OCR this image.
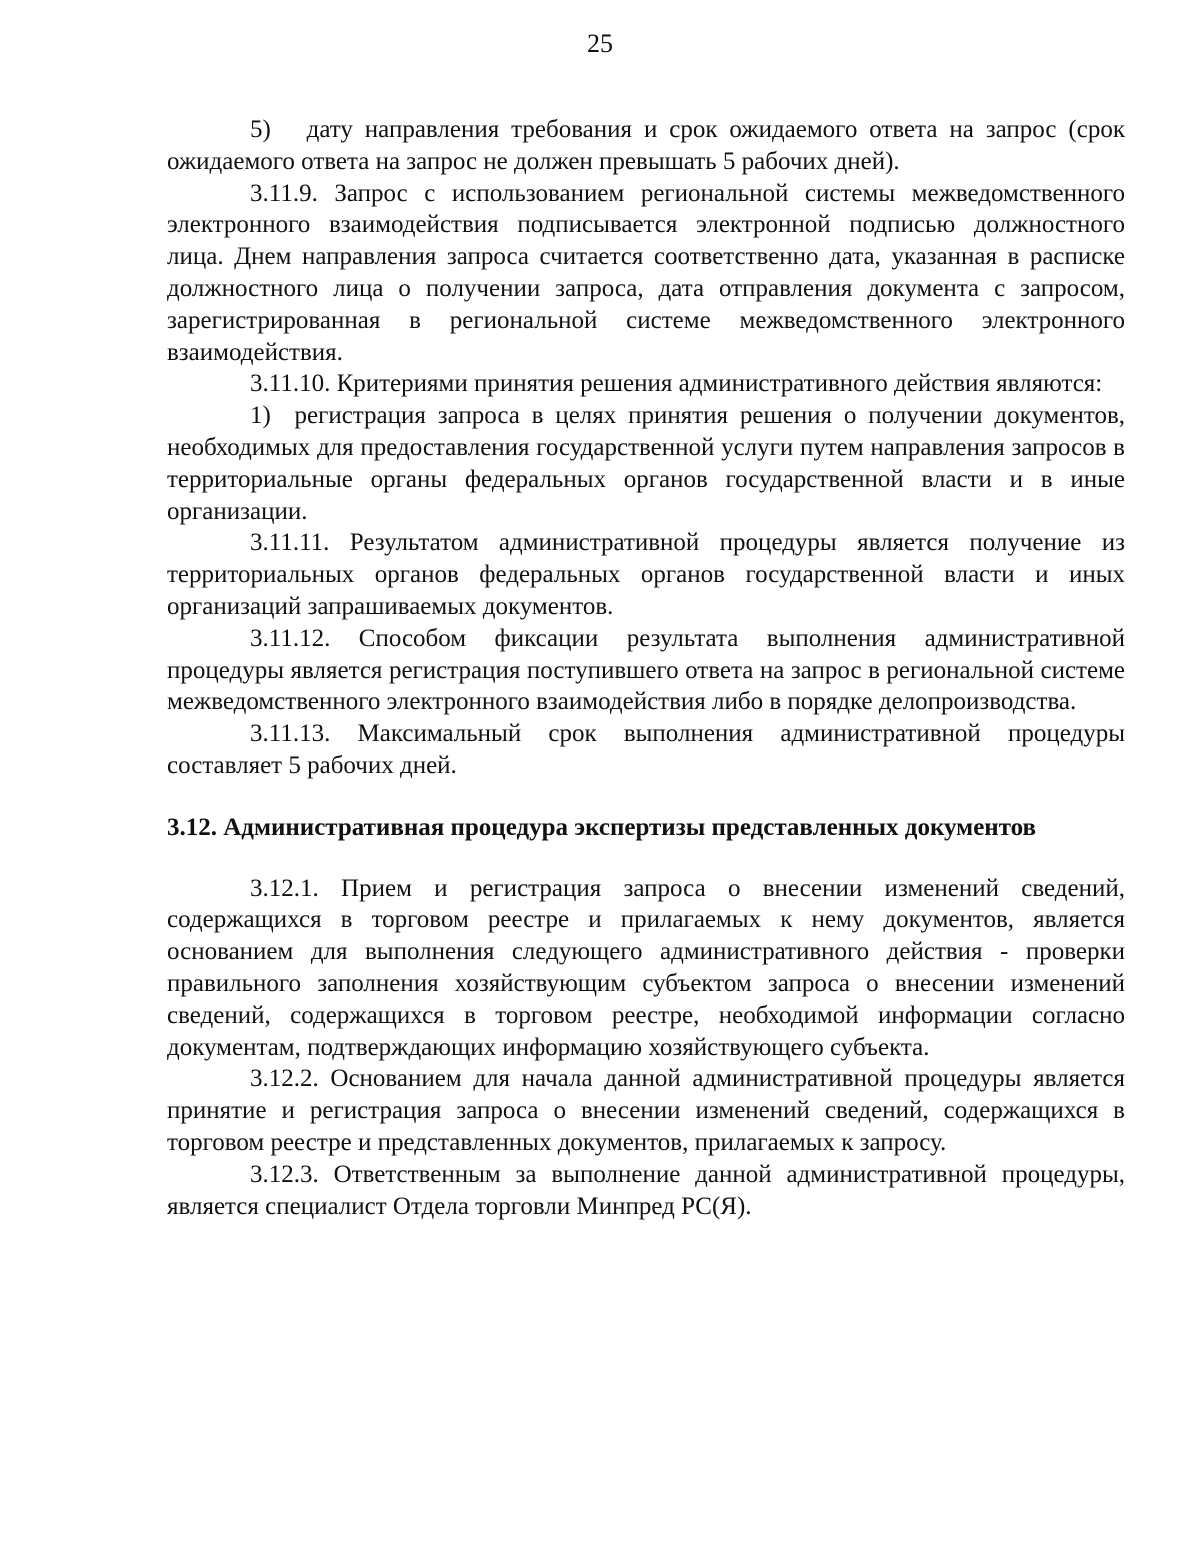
25

5)   дату направления требования и срок ожидаемого ответа на запрос (срок ожидаемого ответа на запрос не должен превышать 5 рабочих дней).

3.11.9. Запрос с использованием региональной системы межведомственного электронного взаимодействия подписывается электронной подписью должностного лица. Днем направления запроса считается соответственно дата, указанная в расписке должностного лица о получении запроса, дата отправления документа с запросом, зарегистрированная в региональной системе межведомственного электронного взаимодействия.

3.11.10. Критериями принятия решения административного действия являются:

1)  регистрация запроса в целях принятия решения о получении документов, необходимых для предоставления государственной услуги путем направления запросов в территориальные органы федеральных органов государственной власти и в иные организации.

3.11.11. Результатом административной процедуры является получение из территориальных органов федеральных органов государственной власти и иных организаций запрашиваемых документов.

3.11.12. Способом фиксации результата выполнения административной процедуры является регистрация поступившего ответа на запрос в региональной системе межведомственного электронного взаимодействия либо в порядке делопроизводства.

3.11.13. Максимальный срок выполнения административной процедуры составляет 5 рабочих дней.

3.12. Административная процедура экспертизы представленных документов

3.12.1. Прием и регистрация запроса о внесении изменений сведений, содержащихся в торговом реестре и прилагаемых к нему документов, является основанием для выполнения следующего административного действия - проверки правильного заполнения хозяйствующим субъектом запроса о внесении изменений сведений, содержащихся в торговом реестре, необходимой информации согласно документам, подтверждающих информацию хозяйствующего субъекта.

3.12.2. Основанием для начала данной административной процедуры является принятие и регистрация запроса о внесении изменений сведений, содержащихся в торговом реестре и представленных документов, прилагаемых к запросу.

3.12.3. Ответственным за выполнение данной административной процедуры, является специалист Отдела торговли Минпред РС(Я).
